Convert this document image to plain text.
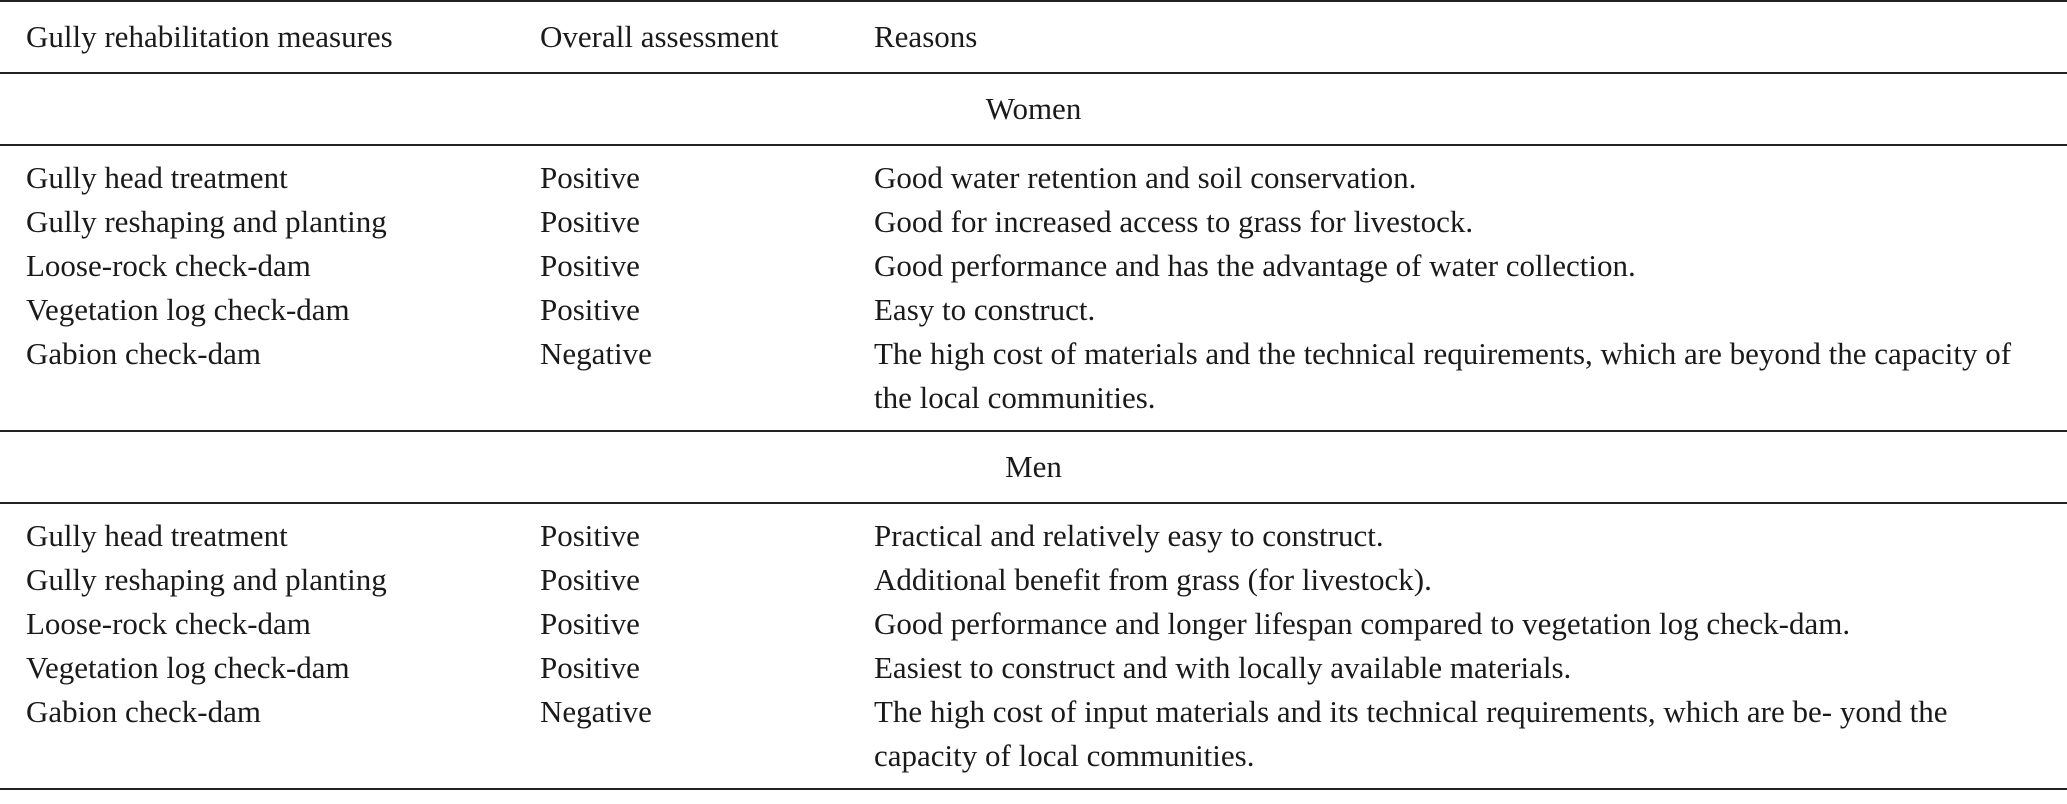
Gully rehabilitation measures	Overall assessment	Reasons
Women		
Gully head treatment	Positive	Good water retention and soil conservation.
Gully reshaping and planting	Positive	Good for increased access to grass for livestock.
Loose-rock check-dam	Positive	Good performance and has the advantage of water collection.
Vegetation log check-dam	Positive	Easy to construct.
Gabion check-dam	Negative	The high cost of materials and the technical requirements, which are beyond the capacity of the local communities.
Men		
Gully head treatment	Positive	Practical and relatively easy to construct.
Gully reshaping and planting	Positive	Additional benefit from grass (for livestock).
Loose-rock check-dam	Positive	Good performance and longer lifespan compared to vegetation log check-dam.
Vegetation log check-dam	Positive	Easiest to construct and with locally available materials.
Gabion check-dam	Negative	The high cost of input materials and its technical requirements, which are be- yond the capacity of local communities.
